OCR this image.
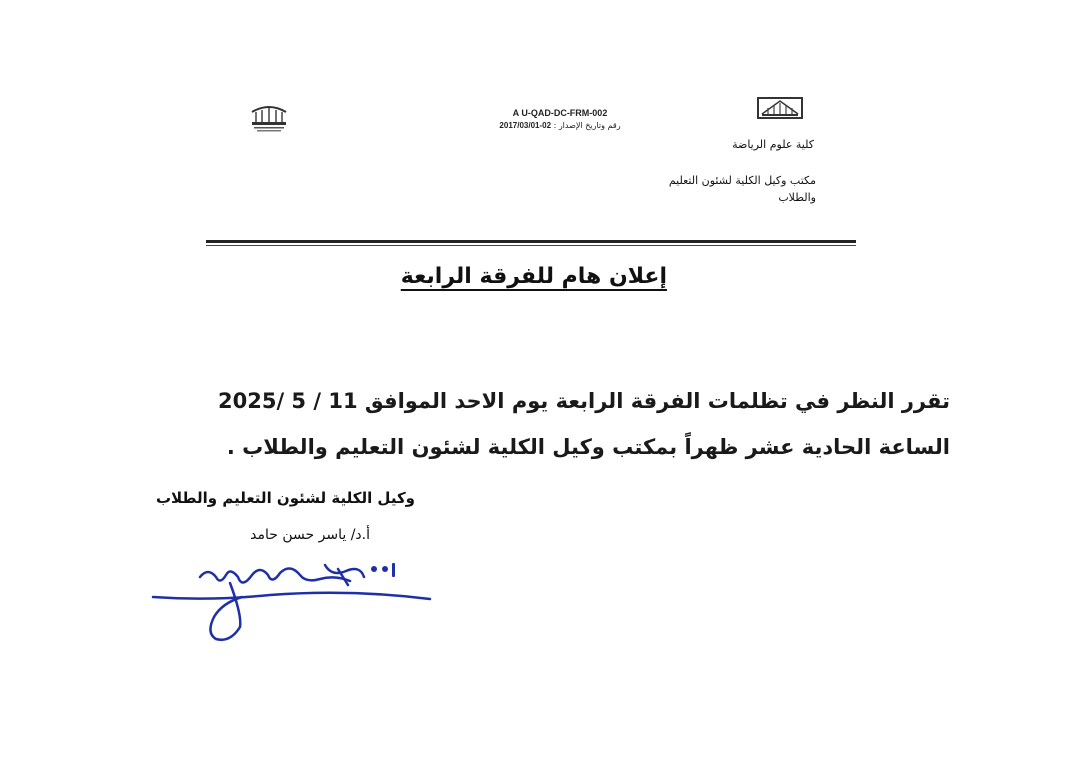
A U-QAD-DC-FRM-002

رقم وتاريخ الإصدار : 2017/03/01-02

كلية علوم الرياضة

مكتب وكيل الكلية لشئون التعليم
والطلاب

إعلان هام للفرقة الرابعة

تقرر النظر في تظلمات الفرقة الرابعة يوم الاحد الموافق 11 / 5 /2025
الساعة الحادية عشر ظهراً بمكتب وكيل الكلية لشئون التعليم والطلاب .

وكيل الكلية لشئون التعليم والطلاب

أ.د/ ياسر حسن حامد
